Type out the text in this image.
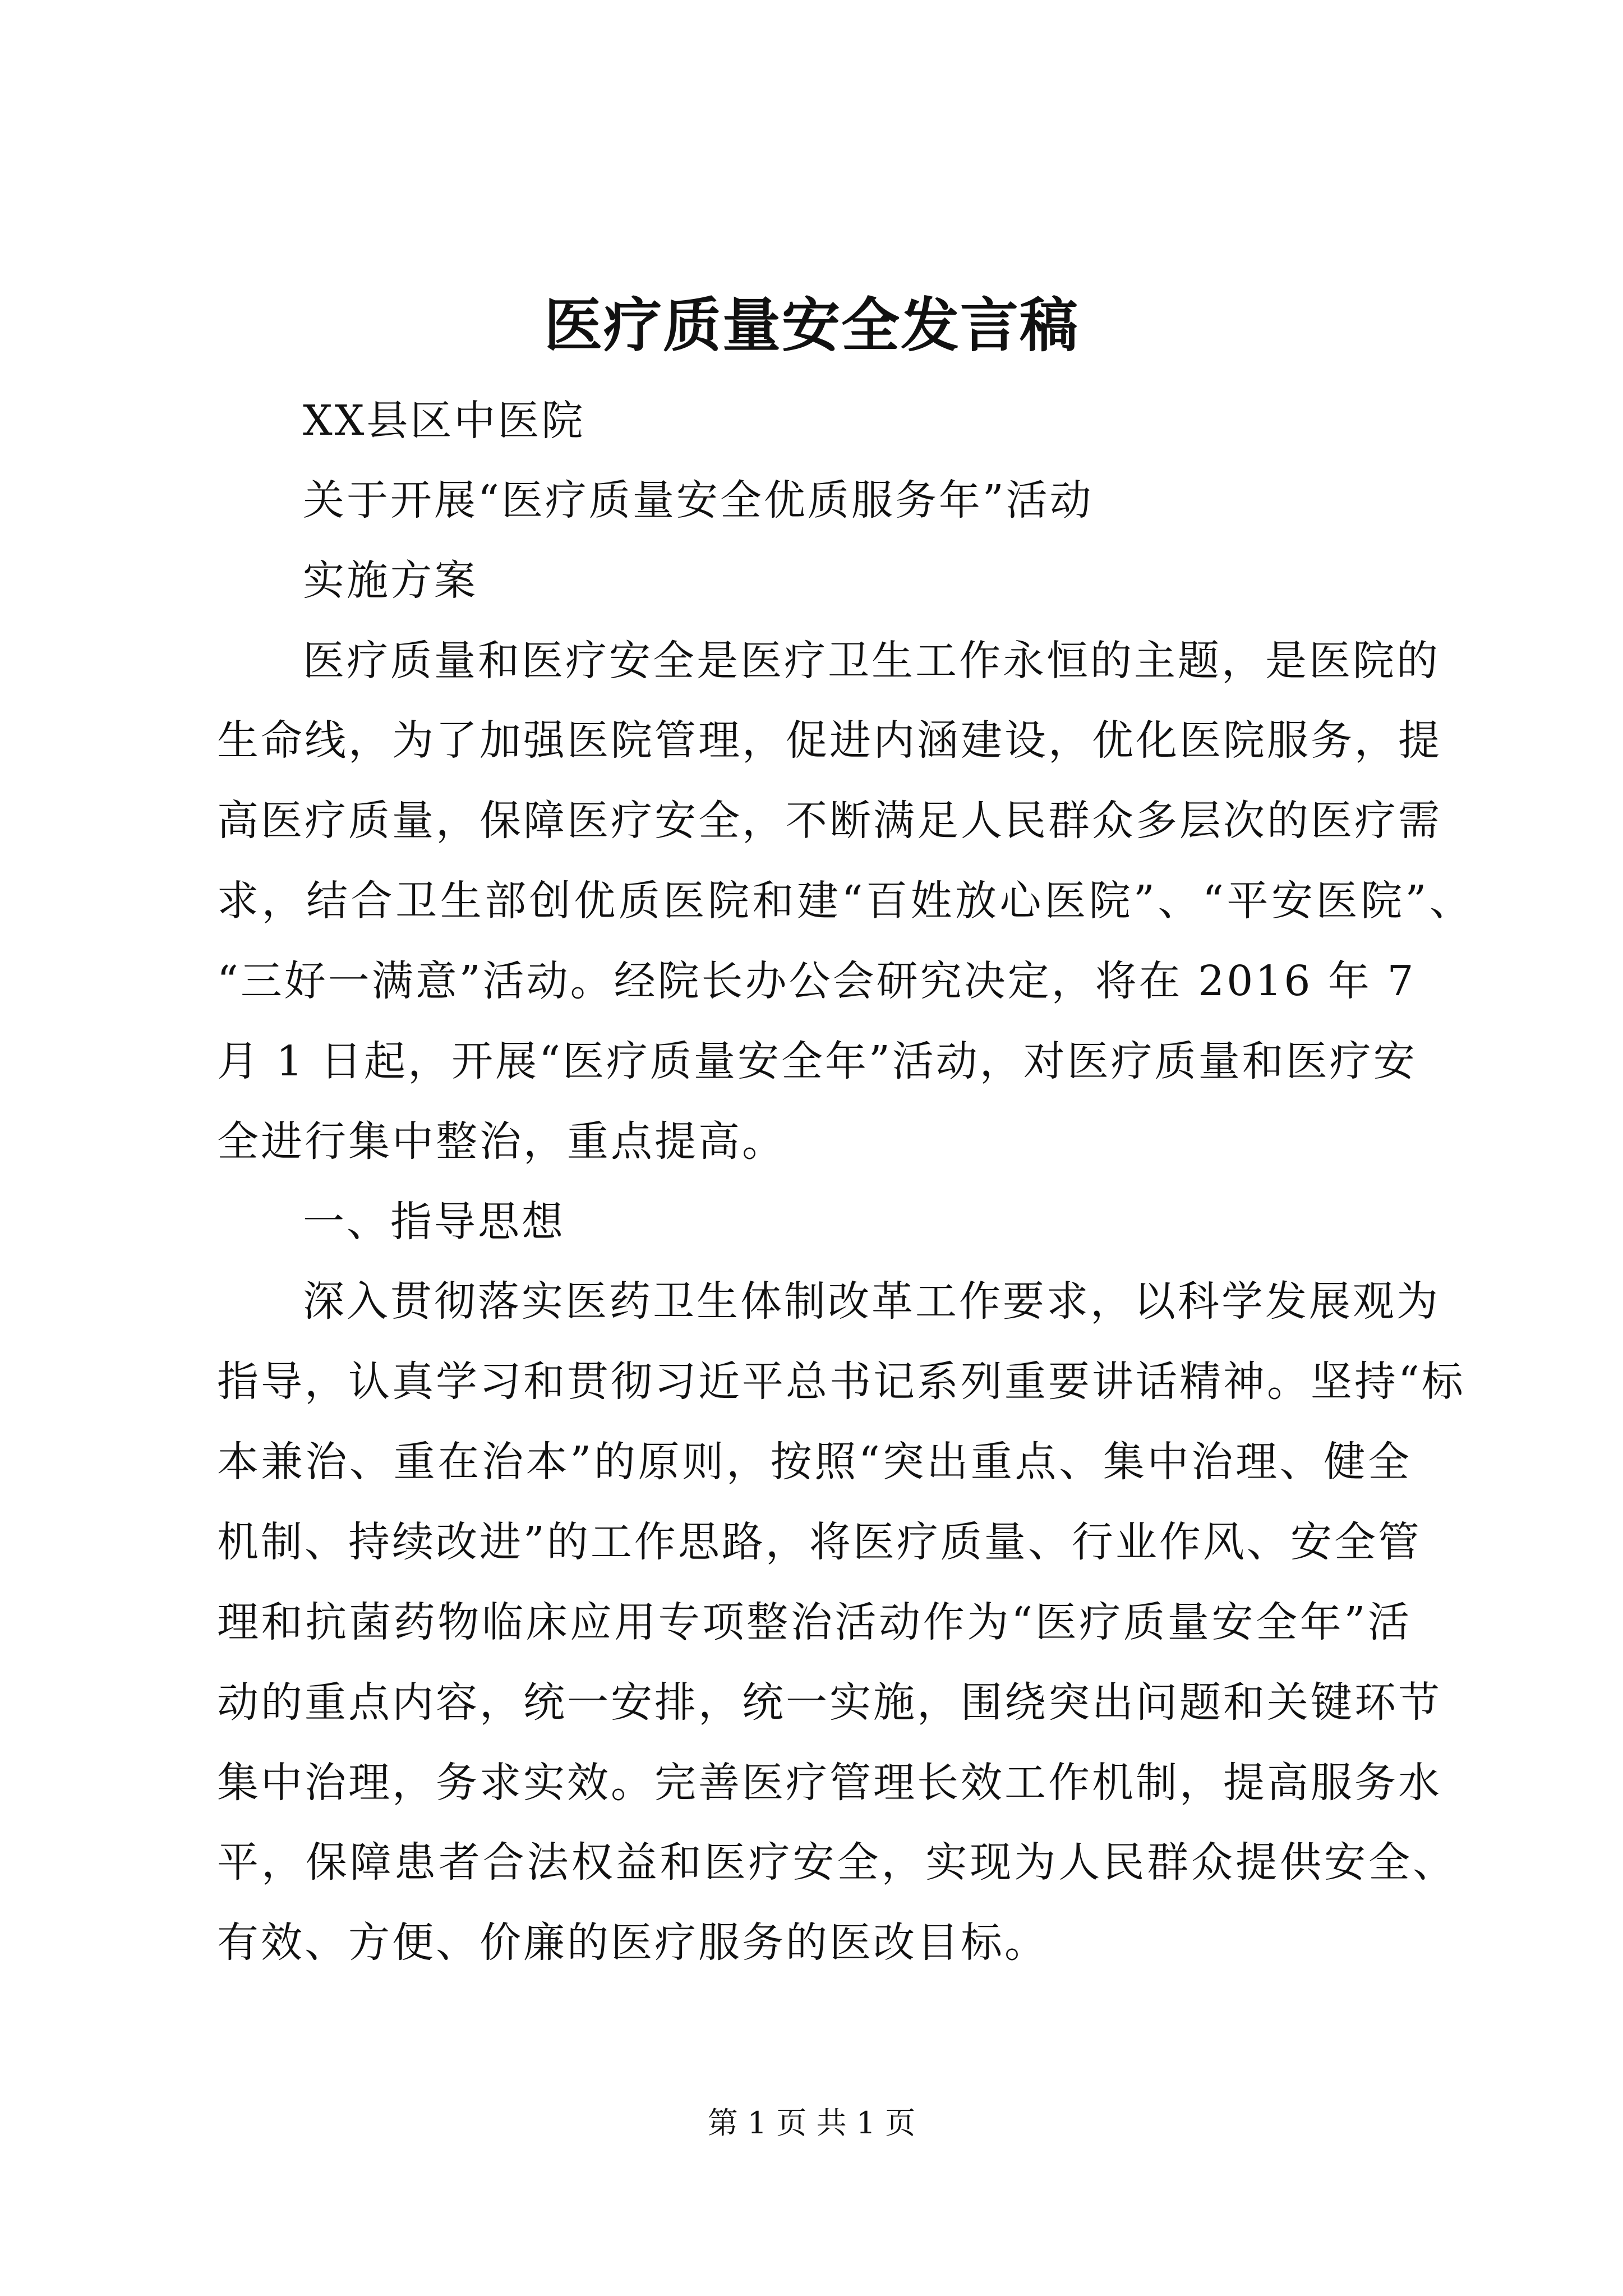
医疗质量安全发言稿
XX县区中医院
关于开展“医疗质量安全优质服务年”活动
实施方案
医疗质量和医疗安全是医疗卫生工作永恒的主题，是医院的
生命线，为了加强医院管理，促进内涵建设，优化医院服务，提
高医疗质量，保障医疗安全，不断满足人民群众多层次的医疗需
求，结合卫生部创优质医院和建“百姓放心医院”、“平安医院”、
“三好一满意”活动。经院长办公会研究决定，将在 2016 年 7
月 1 日起，开展“医疗质量安全年”活动，对医疗质量和医疗安
全进行集中整治，重点提高。
一、指导思想
深入贯彻落实医药卫生体制改革工作要求，以科学发展观为
指导，认真学习和贯彻习近平总书记系列重要讲话精神。坚持“标
本兼治、重在治本”的原则，按照“突出重点、集中治理、健全
机制、持续改进”的工作思路，将医疗质量、行业作风、安全管
理和抗菌药物临床应用专项整治活动作为“医疗质量安全年”活
动的重点内容，统一安排，统一实施，围绕突出问题和关键环节
集中治理，务求实效。完善医疗管理长效工作机制，提高服务水
平，保障患者合法权益和医疗安全，实现为人民群众提供安全、
有效、方便、价廉的医疗服务的医改目标。
第 1 页 共 1 页
